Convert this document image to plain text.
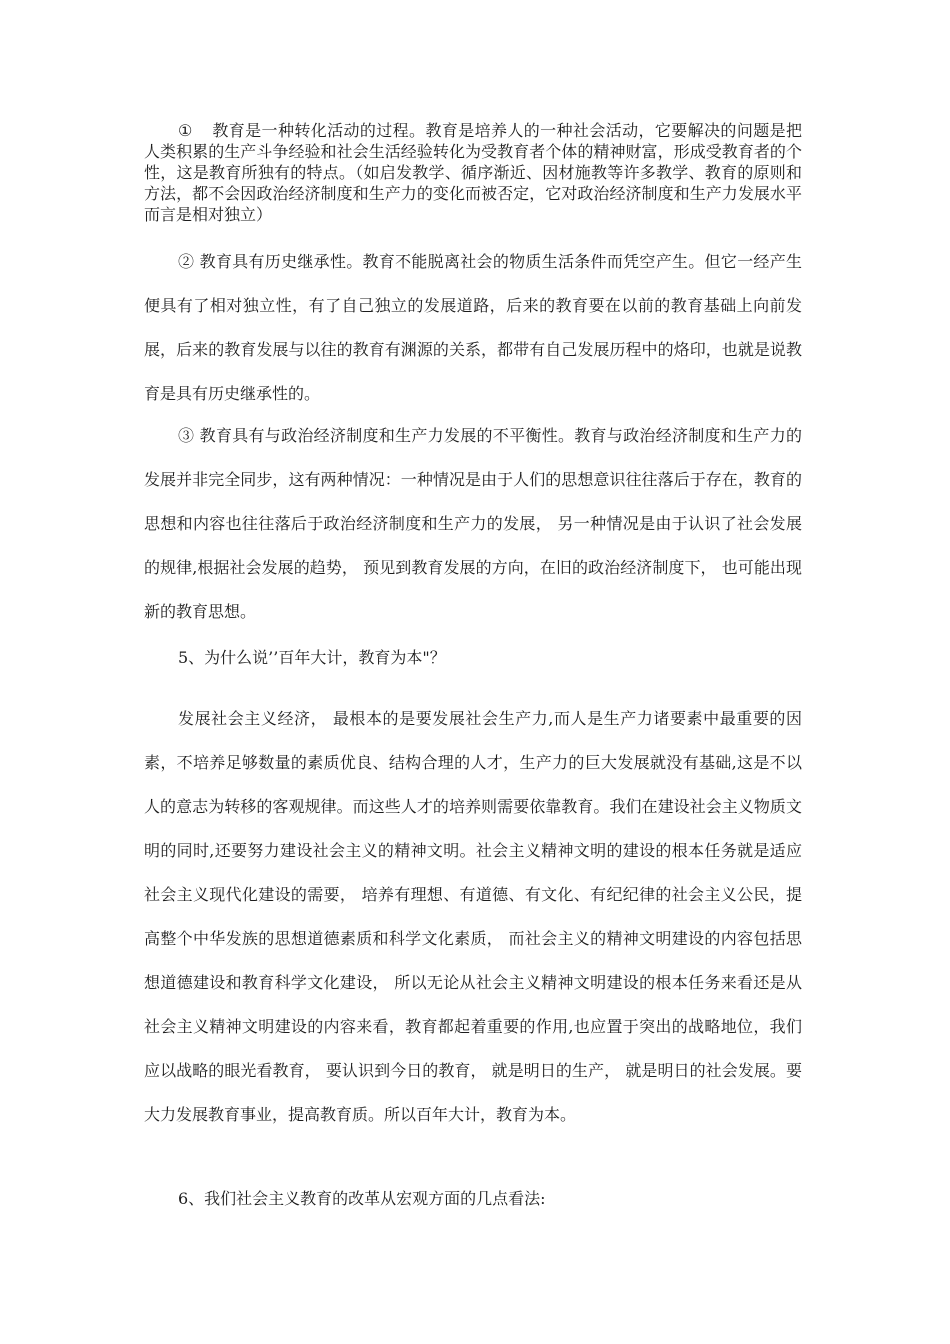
① 教育是一种转化活动的过程。教育是培养人的一种社会活动，它要解决的问题是把人类积累的生产斗争经验和社会生活经验转化为受教育者个体的精神财富，形成受教育者的个性，这是教育所独有的特点。（如启发教学、循序渐近、因材施教等许多教学、教育的原则和方法，都不会因政治经济制度和生产力的变化而被否定，它对政治经济制度和生产力发展水平而言是相对独立）

② 教育具有历史继承性。教育不能脱离社会的物质生活条件而凭空产生。但它一经产生便具有了相对独立性，有了自己独立的发展道路，后来的教育要在以前的教育基础上向前发展，后来的教育发展与以往的教育有渊源的关系，都带有自己发展历程中的烙印，也就是说教育是具有历史继承性的。

③ 教育具有与政治经济制度和生产力发展的不平衡性。教育与政治经济制度和生产力的发展并非完全同步，这有两种情况：一种情况是由于人们的思想意识往往落后于存在，教育的思想和内容也往往落后于政治经济制度和生产力的发展， 另一种情况是由于认识了社会发展的规律,根据社会发展的趋势， 预见到教育发展的方向，在旧的政治经济制度下， 也可能出现新的教育思想。

5、为什么说’’百年大计，教育为本"？

发展社会主义经济， 最根本的是要发展社会生产力,而人是生产力诸要素中最重要的因素，不培养足够数量的素质优良、结构合理的人才，生产力的巨大发展就没有基础,这是不以人的意志为转移的客观规律。而这些人才的培养则需要依靠教育。我们在建设社会主义物质文明的同时,还要努力建设社会主义的精神文明。社会主义精神文明的建设的根本任务就是适应社会主义现代化建设的需要， 培养有理想、有道德、有文化、有纪纪律的社会主义公民，提高整个中华发族的思想道德素质和科学文化素质， 而社会主义的精神文明建设的内容包括思想道德建设和教育科学文化建设， 所以无论从社会主义精神文明建设的根本任务来看还是从社会主义精神文明建设的内容来看，教育都起着重要的作用,也应置于突出的战略地位，我们应以战略的眼光看教育， 要认识到今日的教育， 就是明日的生产， 就是明日的社会发展。要大力发展教育事业，提高教育质。所以百年大计，教育为本。

6、我们社会主义教育的改革从宏观方面的几点看法:
